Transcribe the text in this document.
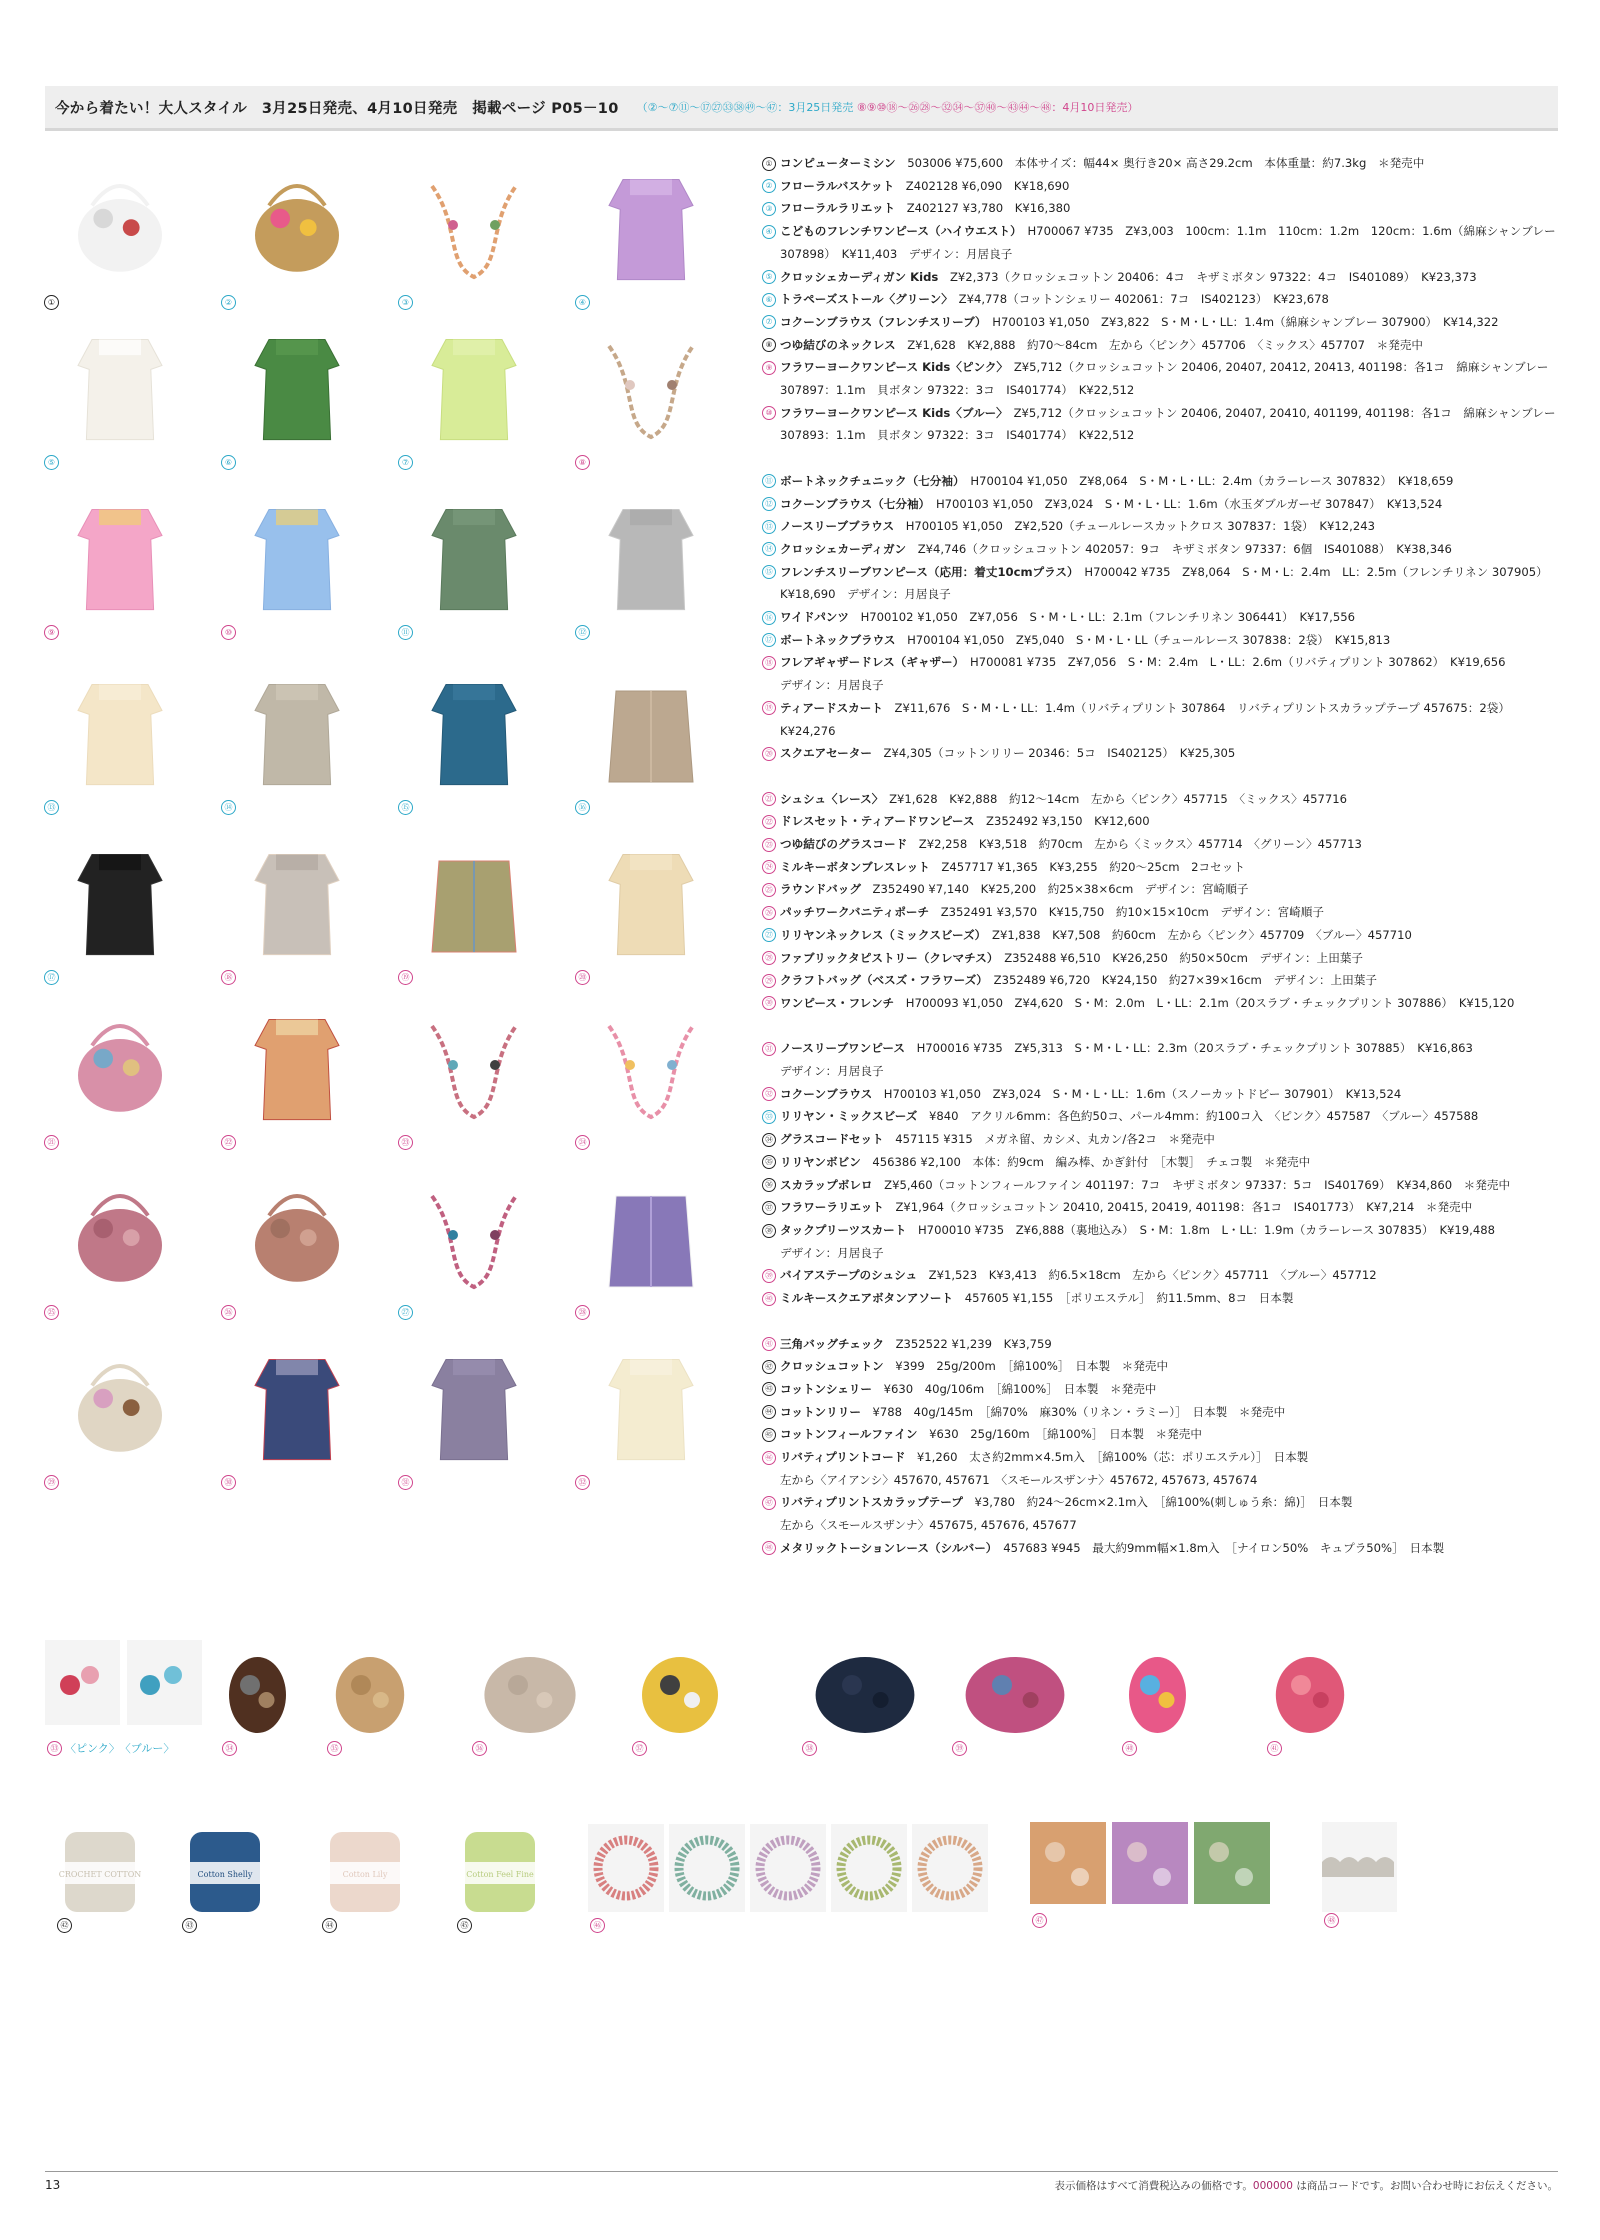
今から着たい！大人スタイル　3月25日発売、4月10日発売　掲載ページ P05－10 （②〜⑦⑪〜⑰㉗㉝㊳㊾〜㊼：3月25日発売 ⑧⑨⑩⑱〜㉖㉘〜㉜㉞〜㊲㊵〜㊸㊹〜㊽：4月10日発売）
①	②	③	④
⑤	⑥	⑦	⑧
⑨	⑩	⑪	⑫
⑬	⑭	⑮	⑯
⑰	⑱	⑲	⑳
㉑	㉒	㉓	㉔
㉕	㉖	㉗	㉘
㉙	㉚	㉛	㉜
① コンピューターミシン　503006 ¥75,600　本体サイズ：幅44× 奥行き20× 高さ29.2cm　本体重量：約7.3kg　＊発売中
② フローラルバスケット　Z402128 ¥6,090　K¥18,690
③ フローラルラリエット　Z402127 ¥3,780　K¥16,380
④ こどものフレンチワンピース（ハイウエスト）　H700067 ¥735　Z¥3,003　100cm：1.1m　110cm：1.2m　120cm：1.6m（綿麻シャンブレー
307898）　K¥11,403　デザイン：月居良子
⑤ クロッシェカーディガン Kids　Z¥2,373（クロッシェコットン 20406：4コ　キザミボタン 97322：4コ　IS401089）　K¥23,373
⑥ トラペーズストール〈グリーン〉　Z¥4,778（コットンシェリー 402061：7コ　IS402123）　K¥23,678
⑦ コクーンブラウス（フレンチスリーブ）　H700103 ¥1,050　Z¥3,822　S・M・L・LL：1.4m（綿麻シャンブレー 307900）　K¥14,322
⑧ つゆ結びのネックレス　Z¥1,628　K¥2,888　約70〜84cm　左から〈ピンク〉457706　〈ミックス〉457707　＊発売中
⑨ フラワーヨークワンピース Kids〈ピンク〉　Z¥5,712（クロッシュコットン 20406, 20407, 20412, 20413, 401198：各1コ　綿麻シャンブレー
307897：1.1m　貝ボタン 97322：3コ　IS401774）　K¥22,512
⑩ フラワーヨークワンピース Kids〈ブルー〉　Z¥5,712（クロッシュコットン 20406, 20407, 20410, 401199, 401198：各1コ　綿麻シャンブレー
307893：1.1m　貝ボタン 97322：3コ　IS401774）　K¥22,512
⑪ ボートネックチュニック（七分袖）　H700104 ¥1,050　Z¥8,064　S・M・L・LL：2.4m（カラーレース 307832）　K¥18,659
⑫ コクーンブラウス（七分袖）　H700103 ¥1,050　Z¥3,024　S・M・L・LL：1.6m（水玉ダブルガーゼ 307847）　K¥13,524
⑬ ノースリーブブラウス　H700105 ¥1,050　Z¥2,520（チュールレースカットクロス 307837：1袋）　K¥12,243
⑭ クロッシェカーディガン　Z¥4,746（クロッシュコットン 402057：9コ　キザミボタン 97337：6個　IS401088）　K¥38,346
⑮ フレンチスリーブワンピース（応用：着丈10cmプラス）　H700042 ¥735　Z¥8,064　S・M・L：2.4m　LL：2.5m（フレンチリネン 307905）
K¥18,690　デザイン：月居良子
⑯ ワイドパンツ　H700102 ¥1,050　Z¥7,056　S・M・L・LL：2.1m（フレンチリネン 306441）　K¥17,556
⑰ ボートネックブラウス　H700104 ¥1,050　Z¥5,040　S・M・L・LL（チュールレース 307838：2袋）　K¥15,813
⑱ フレアギャザードレス（ギャザー）　H700081 ¥735　Z¥7,056　S・M：2.4m　L・LL：2.6m（リバティプリント 307862）　K¥19,656
デザイン：月居良子
⑲ ティアードスカート　Z¥11,676　S・M・L・LL：1.4m（リバティプリント 307864　リバティプリントスカラップテープ 457675：2袋）
K¥24,276
⑳ スクエアセーター　Z¥4,305（コットンリリー 20346：5コ　IS402125）　K¥25,305
㉑ シュシュ〈レース〉　Z¥1,628　K¥2,888　約12〜14cm　左から〈ピンク〉457715　〈ミックス〉457716
㉒ ドレスセット・ティアードワンピース　Z352492 ¥3,150　K¥12,600
㉓ つゆ結びのグラスコード　Z¥2,258　K¥3,518　約70cm　左から〈ミックス〉457714　〈グリーン〉457713
㉔ ミルキーボタンブレスレット　Z457717 ¥1,365　K¥3,255　約20〜25cm　2コセット
㉕ ラウンドバッグ　Z352490 ¥7,140　K¥25,200　約25×38×6cm　デザイン：宮崎順子
㉖ パッチワークバニティポーチ　Z352491 ¥3,570　K¥15,750　約10×15×10cm　デザイン：宮崎順子
㉗ リリヤンネックレス（ミックスビーズ）　Z¥1,838　K¥7,508　約60cm　左から〈ピンク〉457709　〈ブルー〉457710
㉘ ファブリックタピストリー（クレマチス）　Z352488 ¥6,510　K¥26,250　約50×50cm　デザイン：上田葉子
㉙ クラフトバッグ（ベスズ・フラワーズ）　Z352489 ¥6,720　K¥24,150　約27×39×16cm　デザイン：上田葉子
㉚ ワンピース・フレンチ　H700093 ¥1,050　Z¥4,620　S・M：2.0m　L・LL：2.1m（20スラブ・チェックプリント 307886）　K¥15,120
㉛ ノースリーブワンピース　H700016 ¥735　Z¥5,313　S・M・L・LL：2.3m（20スラブ・チェックプリント 307885）　K¥16,863
デザイン：月居良子
㉜ コクーンブラウス　H700103 ¥1,050　Z¥3,024　S・M・L・LL：1.6m（スノーカットドビー 307901）　K¥13,524
㉝ リリヤン・ミックスビーズ　¥840　アクリル6mm：各色約50コ、パール4mm：約100コ入　〈ピンク〉457587　〈ブルー〉457588
㉞ グラスコードセット　457115 ¥315　メガネ留、カシメ、丸カン/各2コ　＊発売中
㉟ リリヤンボビン　456386 ¥2,100　本体：約9cm　編み棒、かぎ針付　［木製］　チェコ製　＊発売中
㊱ スカラップボレロ　Z¥5,460（コットンフィールファイン 401197：7コ　キザミボタン 97337：5コ　IS401769）　K¥34,860　＊発売中
㊲ フラワーラリエット　Z¥1,964（クロッシュコットン 20410, 20415, 20419, 401198：各1コ　IS401773）　K¥7,214　＊発売中
㊳ タックプリーツスカート　H700010 ¥735　Z¥6,888（裏地込み）　S・M：1.8m　L・LL：1.9m（カラーレース 307835）　K¥19,488
デザイン：月居良子
㊴ バイアステープのシュシュ　Z¥1,523　K¥3,413　約6.5×18cm　左から〈ピンク〉457711　〈ブルー〉457712
㊵ ミルキースクエアボタンアソート　457605 ¥1,155　［ポリエステル］　約11.5mm、8コ　日本製
㊶ 三角バッグチェック　Z352522 ¥1,239　K¥3,759
㊷ クロッシュコットン　¥399　25g/200m　［綿100%］　日本製　＊発売中
㊸ コットンシェリー　¥630　40g/106m　［綿100%］　日本製　＊発売中
㊹ コットンリリー　¥788　40g/145m　［綿70%　麻30%（リネン・ラミー）］　日本製　＊発売中
㊺ コットンフィールファイン　¥630　25g/160m　［綿100%］　日本製　＊発売中
㊻ リバティプリントコード　¥1,260　太さ約2mm×4.5m入　［綿100%（芯：ポリエステル）］　日本製
左から〈アイアンシ〉457670, 457671　〈スモールスザンナ〉457672, 457673, 457674
㊼ リバティプリントスカラップテープ　¥3,780　約24〜26cm×2.1m入　［綿100%(刺しゅう糸：綿)］　日本製
左から〈スモールスザンナ〉457675, 457676, 457677
㊽ メタリックトーションレース（シルバー）　457683 ¥945　最大約9mm幅×1.8m入　［ナイロン50%　キュプラ50%］　日本製
〈ピンク〉　〈ブルー〉
㉝	㉞	㉟	㊱	㊲	㊳	㊴	㊵	㊶
CROCHET COTTON
㊷
Cotton Shelly
㊸
Cotton Lily
㊹
Cotton Feel Fine
㊺	㊻
㊼	㊽
13	表示価格はすべて消費税込みの価格です。000000 は商品コードです。お問い合わせ時にお伝えください。
